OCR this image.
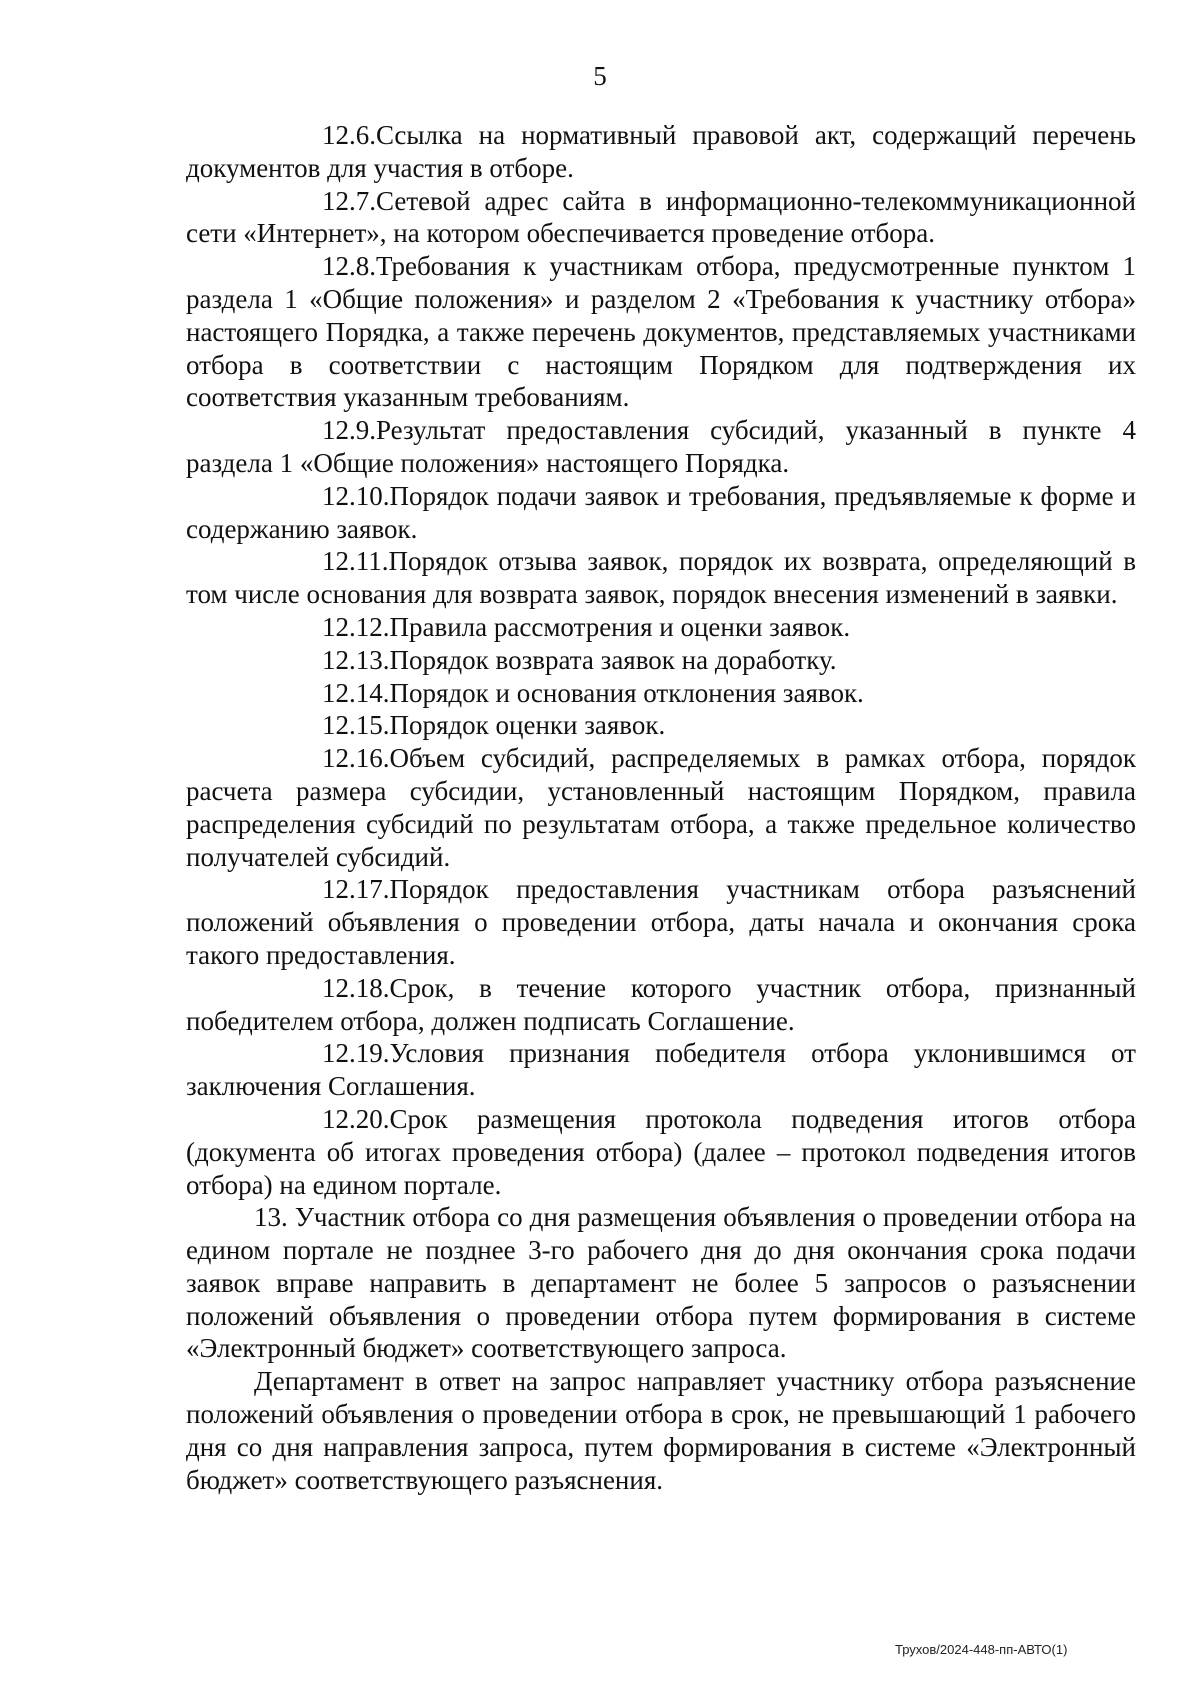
5

12.6.Ссылка на нормативный правовой акт, содержащий перечень документов для участия в отборе.

12.7.Сетевой адрес сайта в информационно-телекоммуникационной сети «Интернет», на котором обеспечивается проведение отбора.

12.8.Требования к участникам отбора, предусмотренные пунктом 1 раздела 1 «Общие положения» и разделом 2 «Требования к участнику отбора» настоящего Порядка, а также перечень документов, представляемых участниками отбора в соответствии с настоящим Порядком для подтверждения их соответствия указанным требованиям.

12.9.Результат предоставления субсидий, указанный в пункте 4 раздела 1 «Общие положения» настоящего Порядка.

12.10.Порядок подачи заявок и требования, предъявляемые к форме и содержанию заявок.

12.11.Порядок отзыва заявок, порядок их возврата, определяющий в том числе основания для возврата заявок, порядок внесения изменений в заявки.

12.12.Правила рассмотрения и оценки заявок.

12.13.Порядок возврата заявок на доработку.

12.14.Порядок и основания отклонения заявок.

12.15.Порядок оценки заявок.

12.16.Объем субсидий, распределяемых в рамках отбора, порядок расчета размера субсидии, установленный настоящим Порядком, правила распределения субсидий по результатам отбора, а также предельное количество получателей субсидий.

12.17.Порядок предоставления участникам отбора разъяснений положений объявления о проведении отбора, даты начала и окончания срока такого предоставления.

12.18.Срок, в течение которого участник отбора, признанный победителем отбора, должен подписать Соглашение.

12.19.Условия признания победителя отбора уклонившимся от заключения Соглашения.

12.20.Срок размещения протокола подведения итогов отбора (документа об итогах проведения отбора) (далее – протокол подведения итогов отбора) на едином портале.

13. Участник отбора со дня размещения объявления о проведении отбора на едином портале не позднее 3-го рабочего дня до дня окончания срока подачи заявок вправе направить в департамент не более 5 запросов о разъяснении положений объявления о проведении отбора путем формирования в системе «Электронный бюджет» соответствующего запроса.

Департамент в ответ на запрос направляет участнику отбора разъяснение положений объявления о проведении отбора в срок, не превышающий 1 рабочего дня со дня направления запроса, путем формирования в системе «Электронный бюджет» соответствующего разъяснения.

Трухов/2024-448-пп-АВТО(1)
